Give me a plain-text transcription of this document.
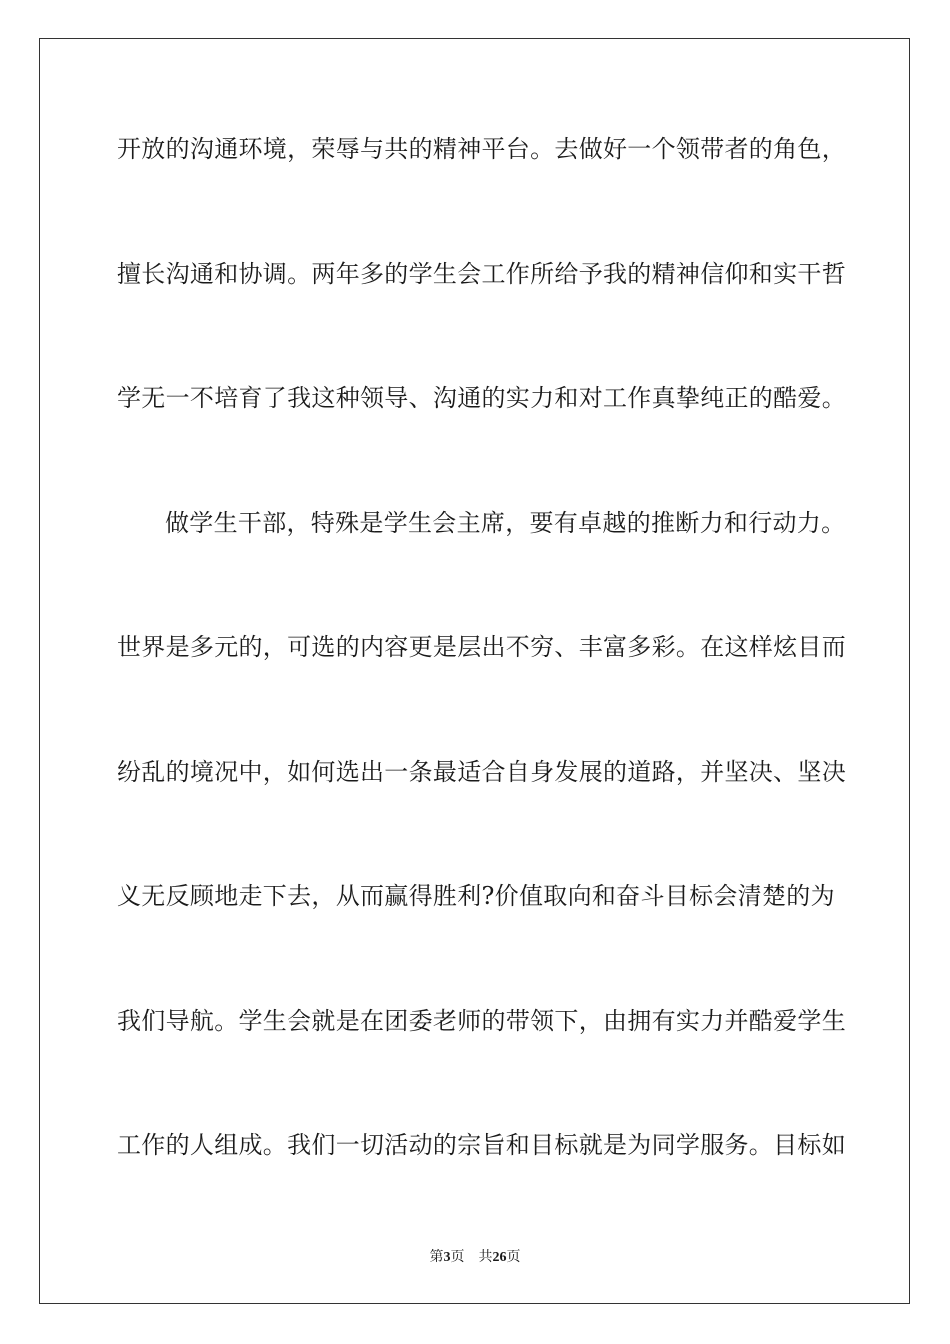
开放的沟通环境，荣辱与共的精神平台。去做好一个领带者的角色，
擅长沟通和协调。两年多的学生会工作所给予我的精神信仰和实干哲
学无一不培育了我这种领导、沟通的实力和对工作真挚纯正的酷爱。
做学生干部，特殊是学生会主席，要有卓越的推断力和行动力。
世界是多元的，可选的内容更是层出不穷、丰富多彩。在这样炫目而
纷乱的境况中，如何选出一条最适合自身发展的道路，并坚决、坚决
义无反顾地走下去，从而赢得胜利?价值取向和奋斗目标会清楚的为
我们导航。学生会就是在团委老师的带领下，由拥有实力并酷爱学生
工作的人组成。我们一切活动的宗旨和目标就是为同学服务。目标如
第3页 共26页
